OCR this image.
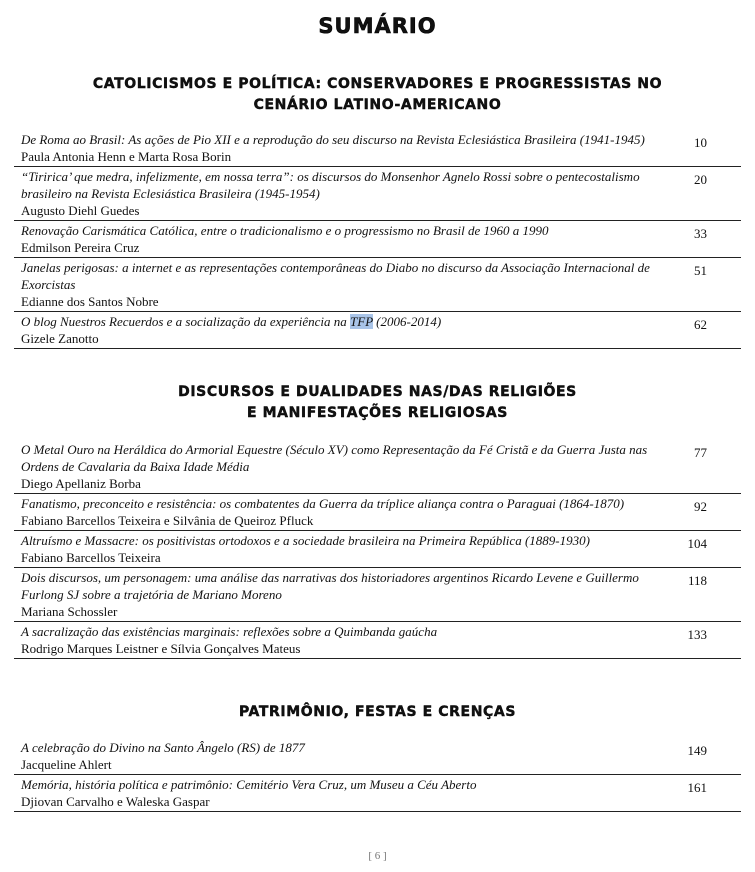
SUMÁRIO
CATOLICISMOS E POLÍTICA: CONSERVADORES E PROGRESSISTAS NO
CENÁRIO LATINO-AMERICANO
De Roma ao Brasil: As ações de Pio XII e a reprodução do seu discurso na Revista Eclesiástica Brasileira (1941-1945)
Paula Antonia Henn e Marta Rosa Borin
10
“Tiririca’ que medra, infelizmente, em nossa terra”: os discursos do Monsenhor Agnelo Rossi sobre o pentecostalismo brasileiro na Revista Eclesiástica Brasileira (1945-1954)
Augusto Diehl Guedes
20
Renovação Carismática Católica, entre o tradicionalismo e o progressismo no Brasil de 1960 a 1990
Edmilson Pereira Cruz
33
Janelas perigosas: a internet e as representações contemporâneas do Diabo no discurso da Associação Internacional de Exorcistas
Edianne dos Santos Nobre
51
O blog Nuestros Recuerdos e a socialização da experiência na TFP (2006-2014)
Gizele Zanotto
62
DISCURSOS E DUALIDADES NAS/DAS RELIGIÕES
E MANIFESTAÇÕES RELIGIOSAS
O Metal Ouro na Heráldica do Armorial Equestre (Século XV) como Representação da Fé Cristã e da Guerra Justa nas Ordens de Cavalaria da Baixa Idade Média
Diego Apellaniz Borba
77
Fanatismo, preconceito e resistência: os combatentes da Guerra da tríplice aliança contra o Paraguai (1864-1870)
Fabiano Barcellos Teixeira e Silvânia de Queiroz Pfluck
92
Altruísmo e Massacre: os positivistas ortodoxos e a sociedade brasileira na Primeira República (1889-1930)
Fabiano Barcellos Teixeira
104
Dois discursos, um personagem: uma análise das narrativas dos historiadores argentinos Ricardo Levene e Guillermo Furlong SJ sobre a trajetória de Mariano Moreno
Mariana Schossler
118
A sacralização das existências marginais: reflexões sobre a Quimbanda gaúcha
Rodrigo Marques Leistner e Sílvia Gonçalves Mateus
133
PATRIMÔNIO, FESTAS E CRENÇAS
A celebração do Divino na Santo Ângelo (RS) de 1877
Jacqueline Ahlert
149
Memória, história política e patrimônio: Cemitério Vera Cruz, um Museu a Céu Aberto
Djiovan Carvalho e Waleska Gaspar
161
[ 6 ]
